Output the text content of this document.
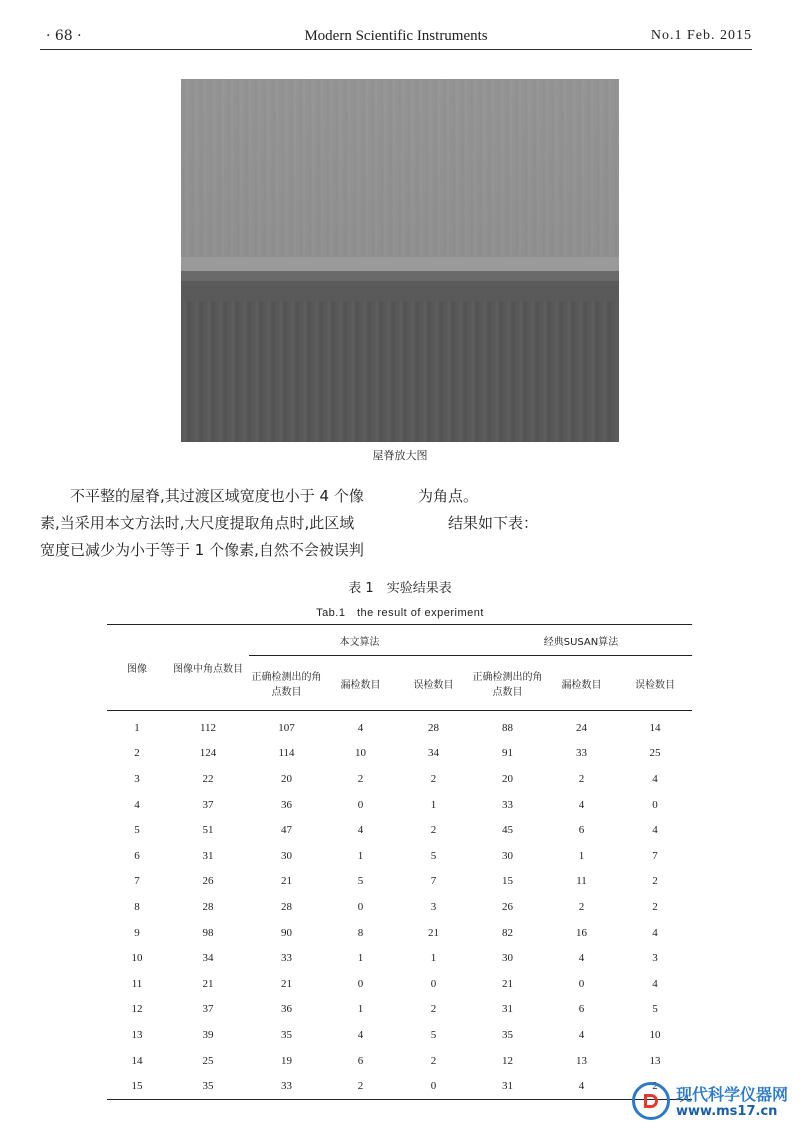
· 68 ·	Modern Scientific Instruments	No.1 Feb. 2015
屋脊放大图
　　不平整的屋脊,其过渡区域宽度也小于 4 个像
素,当采用本文方法时,大尺度提取角点时,此区域
宽度已减少为小于等于 1 个像素,自然不会被误判
为角点。
　　结果如下表：
表 1　实验结果表
Tab.1　the result of experiment
图像	图像中角点数目	本文算法			经典SUSAN算法		
		正确检测出的角点数目	漏检数目	误检数目	正确检测出的角点数目	漏检数目	误检数目
1	112	107	4	28	88	24	14
2	124	114	10	34	91	33	25
3	22	20	2	2	20	2	4
4	37	36	0	1	33	4	0
5	51	47	4	2	45	6	4
6	31	30	1	5	30	1	7
7	26	21	5	7	15	11	2
8	28	28	0	3	26	2	2
9	98	90	8	21	82	16	4
10	34	33	1	1	30	4	3
11	21	21	0	0	21	0	4
12	37	36	1	2	31	6	5
13	39	35	4	5	35	4	10
14	25	19	6	2	12	13	13
15	35	33	2	0	31	4	2 现代科学仪器网
www.ms17.cn
